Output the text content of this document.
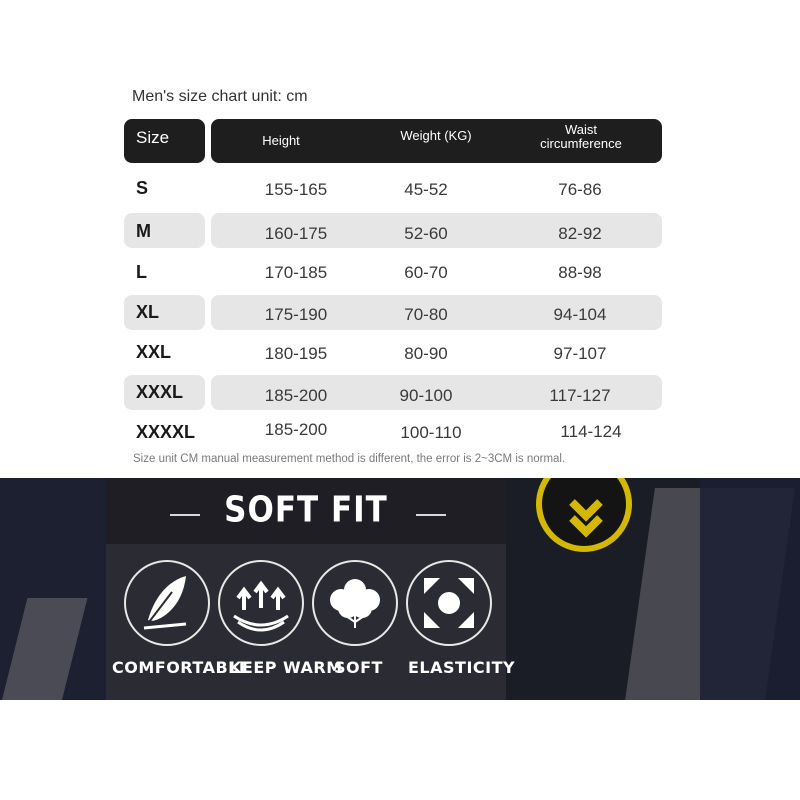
Men's size chart unit: cm
Size	Height	Weight (KG)	Waist
circumference
S	155-165	45-52	76-86
M	160-175	52-60	82-92
L	170-185	60-70	88-98
XL	175-190	70-80	94-104
XXL	180-195	80-90	97-107
XXXL	185-200	90-100	117-127
XXXXL	185-200	100-110	114-124
Size unit CM manual measurement method is different, the error is 2~3CM is normal.
SOFT FIT
COMFORTABLE
KEEP WARM
SOFT ELASTICITY
